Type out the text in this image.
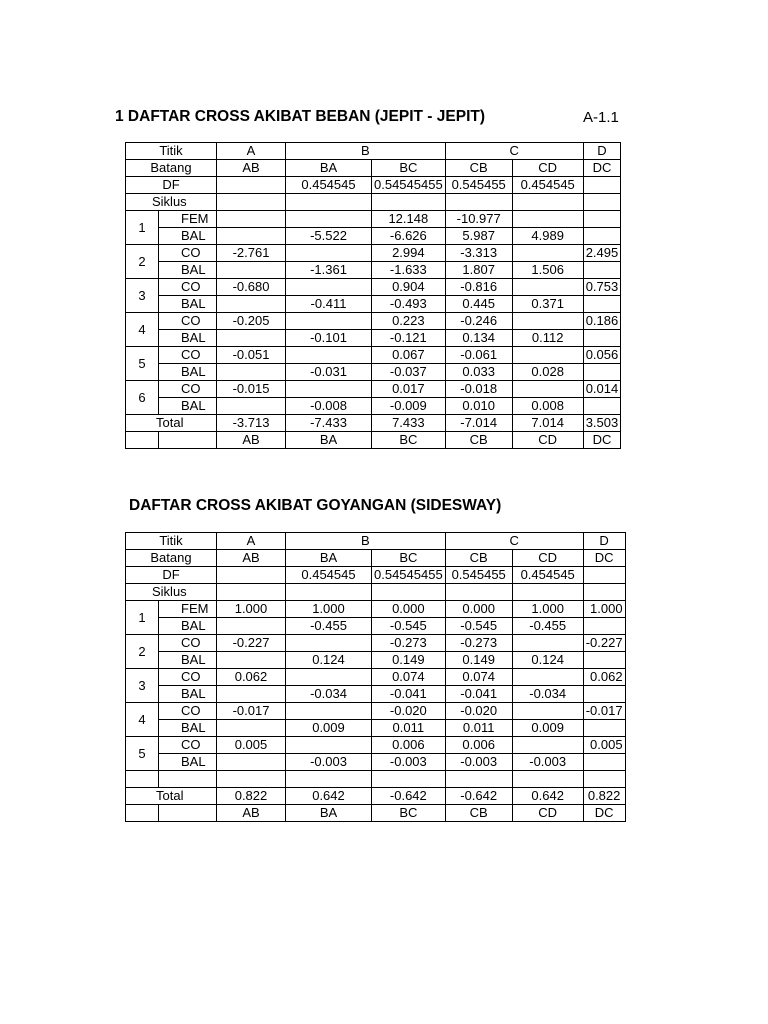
1 DAFTAR CROSS AKIBAT BEBAN (JEPIT - JEPIT)	A-1.1
Titik		A	B		C		D
Batang		AB	BA	BC	CB	CD	DC
DF			0.454545	0.54545455	0.545455	0.454545	
Siklus							
1	FEM			12.148	-10.977		
	BAL		-5.522	-6.626	5.987	4.989	
2	CO	-2.761		2.994	-3.313		2.495
	BAL		-1.361	-1.633	1.807	1.506	
3	CO	-0.680		0.904	-0.816		0.753
	BAL		-0.411	-0.493	0.445	0.371	
4	CO	-0.205		0.223	-0.246		0.186
	BAL		-0.101	-0.121	0.134	0.112	
5	CO	-0.051		0.067	-0.061		0.056
	BAL		-0.031	-0.037	0.033	0.028	
6	CO	-0.015		0.017	-0.018		0.014
	BAL		-0.008	-0.009	0.010	0.008	
Total		-3.713	-7.433	7.433	-7.014	7.014	3.503
		AB	BA	BC	CB	CD	DC
DAFTAR CROSS AKIBAT GOYANGAN (SIDESWAY)
Titik		A	B		C		D
Batang		AB	BA	BC	CB	CD	DC
DF			0.454545	0.54545455	0.545455	0.454545	
Siklus							
1	FEM	1.000	1.000	0.000	0.000	1.000	1.000
	BAL		-0.455	-0.545	-0.545	-0.455	
2	CO	-0.227		-0.273	-0.273		-0.227
	BAL		0.124	0.149	0.149	0.124	
3	CO	0.062		0.074	0.074		0.062
	BAL		-0.034	-0.041	-0.041	-0.034	
4	CO	-0.017		-0.020	-0.020		-0.017
	BAL		0.009	0.011	0.011	0.009	
5	CO	0.005		0.006	0.006		0.005
	BAL		-0.003	-0.003	-0.003	-0.003	

Total		0.822	0.642	-0.642	-0.642	0.642	0.822
		AB	BA	BC	CB	CD	DC
